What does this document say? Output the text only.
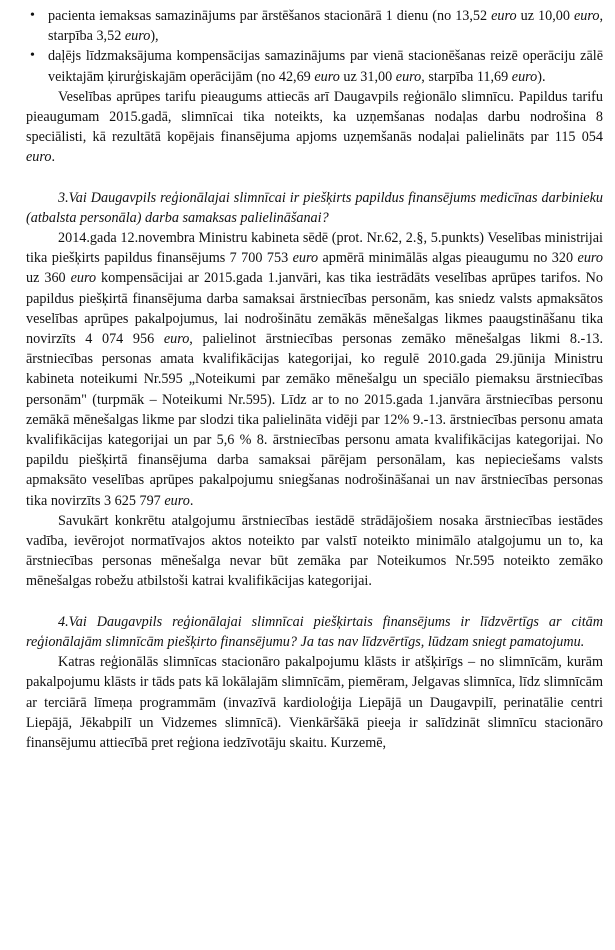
• pacienta iemaksas samazinājums par ārstēšanos stacionārā 1 dienu (no 13,52 euro uz 10,00 euro, starpība 3,52 euro),
• daļējs līdzmaksājuma kompensācijas samazinājums par vienā stacionēšanas reizē operāciju zālē veiktajām ķirurģiskajām operācijām (no 42,69 euro uz 31,00 euro, starpība 11,69 euro).

Veselības aprūpes tarifu pieaugums attiecās arī Daugavpils reģionālo slimnīcu. Papildus tarifu pieaugumam 2015.gadā, slimnīcai tika noteikts, ka uzņemšanas nodaļas darbu nodrošina 8 speciālisti, kā rezultātā kopējais finansējuma apjoms uzņemšanās nodaļai palielināts par 115 054 euro.

3.Vai Daugavpils reģionālajai slimnīcai ir piešķirts papildus finansējums medicīnas darbinieku (atbalsta personāla) darba samaksas palielināšanai?

2014.gada 12.novembra Ministru kabineta sēdē (prot. Nr.62, 2.§, 5.punkts) Veselības ministrijai tika piešķirts papildus finansējums 7 700 753 euro apmērā minimālās algas pieaugumu no 320 euro uz 360 euro kompensācijai ar 2015.gada 1.janvāri, kas tika iestrādāts veselības aprūpes tarifos. No papildus piešķirtā finansējuma darba samaksai ārstniecības personām, kas sniedz valsts apmaksātos veselības aprūpes pakalpojumus, lai nodrošinātu zemākās mēnešalgas likmes paaugstināšanu tika novirzīts 4 074 956 euro, palielinot ārstniecības personas zemāko mēnešalgas likmi 8.-13. ārstniecības personas amata kvalifikācijas kategorijai, ko regulē 2010.gada 29.jūnija Ministru kabineta noteikumi Nr.595 „Noteikumi par zemāko mēnešalgu un speciālo piemaksu ārstniecības personām" (turpmāk – Noteikumi Nr.595). Līdz ar to no 2015.gada 1.janvāra ārstniecības personu zemākā mēnešalgas likme par slodzi tika palielināta vidēji par 12% 9.-13. ārstniecības personu amata kvalifikācijas kategorijai un par 5,6 % 8. ārstniecības personu amata kvalifikācijas kategorijai. No papildu piešķirtā finansējuma darba samaksai pārējam personālam, kas nepieciešams valsts apmaksāto veselības aprūpes pakalpojumu sniegšanas nodrošināšanai un nav ārstniecības personas tika novirzīts 3 625 797 euro.

Savukārt konkrētu atalgojumu ārstniecības iestādē strādājošiem nosaka ārstniecības iestādes vadība, ievērojot normatīvajos aktos noteikto par valstī noteikto minimālo atalgojumu un to, ka ārstniecības personas mēnešalga nevar būt zemāka par Noteikumos Nr.595 noteikto zemāko mēnešalgas robežu atbilstoši katrai kvalifikācijas kategorijai.

4.Vai Daugavpils reģionālajai slimnīcai piešķirtais finansējums ir līdzvērtīgs ar citām reģionālajām slimnīcām piešķirto finansējumu? Ja tas nav līdzvērtīgs, lūdzam sniegt pamatojumu.

Katras reģionālās slimnīcas stacionāro pakalpojumu klāsts ir atšķirīgs – no slimnīcām, kurām pakalpojumu klāsts ir tāds pats kā lokālajām slimnīcām, piemēram, Jelgavas slimnīca, līdz slimnīcām ar terciārā līmeņa programmām (invazīvā kardioloģija Liepājā un Daugavpilī, perinatālie centri Liepājā, Jēkabpilī un Vidzemes slimnīcā). Vienkāršākā pieeja ir salīdzināt slimnīcu stacionāro finansējumu attiecībā pret reģiona iedzīvotāju skaitu. Kurzemē,
